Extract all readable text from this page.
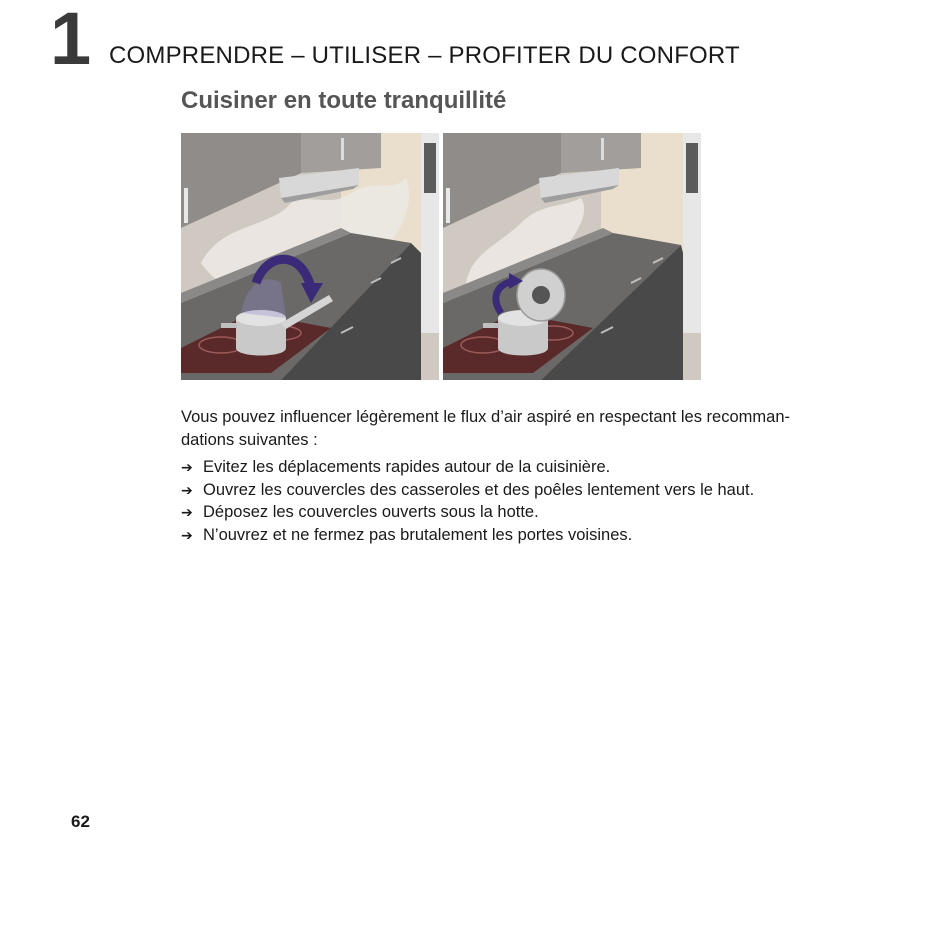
1 COMPRENDRE – UTILISER – PROFITER DU CONFORT
Cuisiner en toute tranquillité
Vous pouvez influencer légèrement le flux d’air aspiré en respectant les recomman-
dations suivantes :
➔ Evitez les déplacements rapides autour de la cuisinière.
➔ Ouvrez les couvercles des casseroles et des poêles lentement vers le haut.
➔ Déposez les couvercles ouverts sous la hotte.
➔ N’ouvrez et ne fermez pas brutalement les portes voisines.
62
